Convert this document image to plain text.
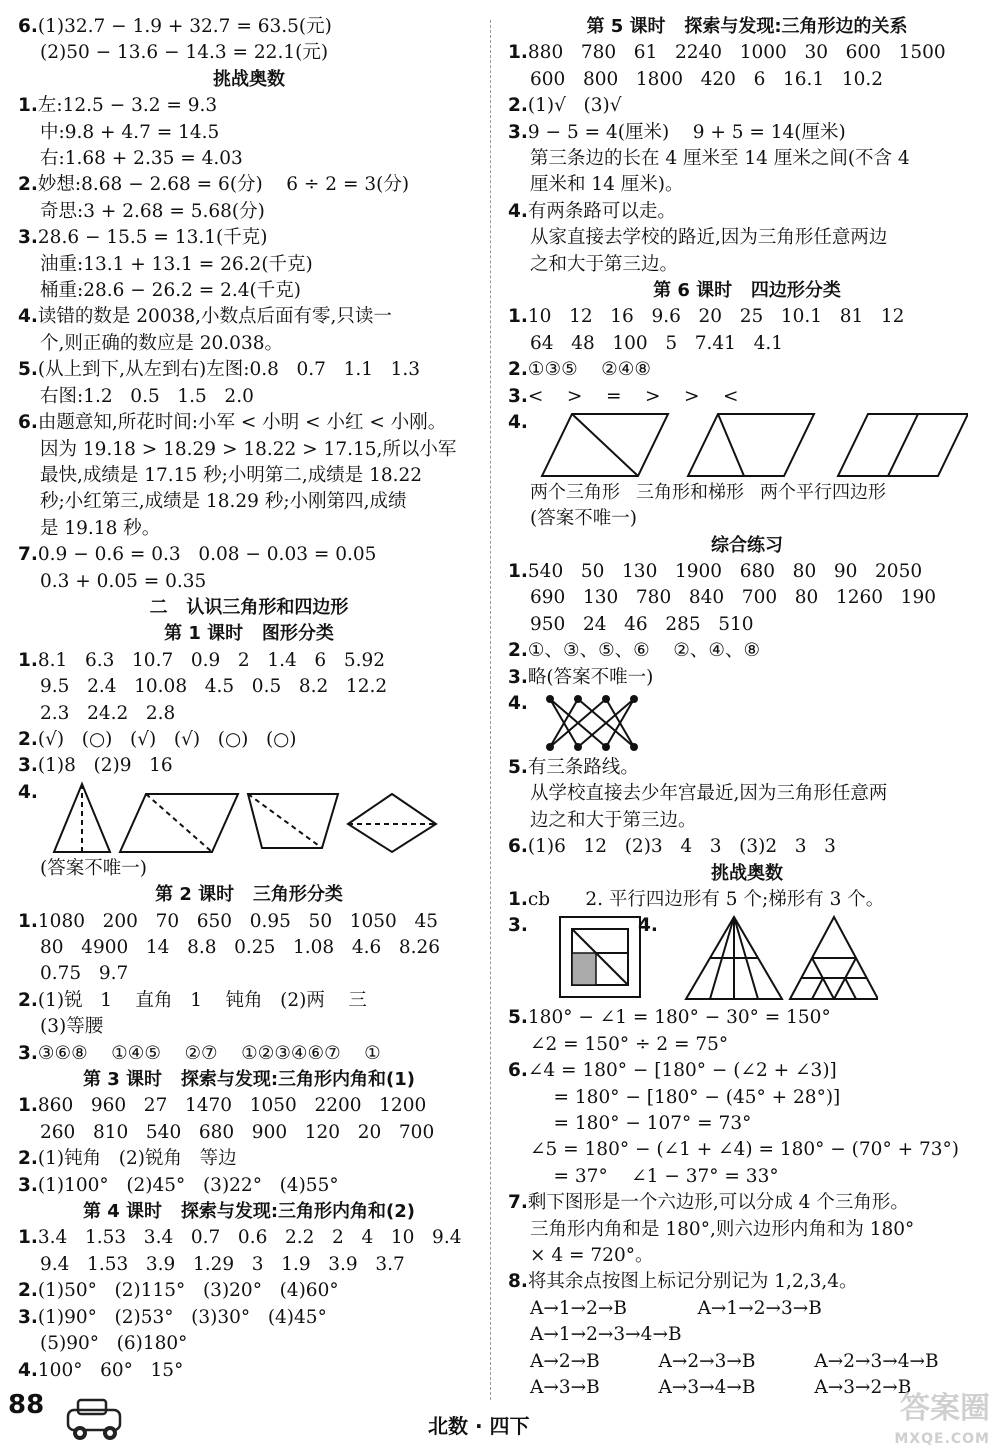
6.(1)32.7 − 1.9 + 32.7 = 63.5(元)
(2)50 − 13.6 − 14.3 = 22.1(元)
挑战奥数
1.左:12.5 − 3.2 = 9.3
中:9.8 + 4.7 = 14.5
右:1.68 + 2.35 = 4.03
2.妙想:8.68 − 2.68 = 6(分)    6 ÷ 2 = 3(分)
奇思:3 + 2.68 = 5.68(分)
3.28.6 − 15.5 = 13.1(千克)
油重:13.1 + 13.1 = 26.2(千克)
桶重:28.6 − 26.2 = 2.4(千克)
4.读错的数是 20038,小数点后面有零,只读一
个,则正确的数应是 20.038。
5.(从上到下,从左到右)左图:0.8   0.7   1.1   1.3
右图:1.2   0.5   1.5   2.0
6.由题意知,所花时间:小军 < 小明 < 小红 < 小刚。
因为 19.18 > 18.29 > 18.22 > 17.15,所以小军
最快,成绩是 17.15 秒;小明第二,成绩是 18.22
秒;小红第三,成绩是 18.29 秒;小刚第四,成绩
是 19.18 秒。
7.0.9 − 0.6 = 0.3   0.08 − 0.03 = 0.05
0.3 + 0.05 = 0.35
二   认识三角形和四边形
第 1 课时   图形分类
1.8.1   6.3   10.7   0.9   2   1.4   6   5.92
9.5   2.4   10.08   4.5   0.5   8.2   12.2
2.3   24.2   2.8
2.(√)   (○)   (√)   (√)   (○)   (○)
3.(1)8   (2)9   16
4.
(答案不唯一)
第 2 课时   三角形分类
1.1080   200   70   650   0.95   50   1050   45
80   4900   14   8.8   0.25   1.08   4.6   8.26
0.75   9.7
2.(1)锐   1    直角   1    钝角   (2)两    三
(3)等腰
3.③⑥⑧    ①④⑤    ②⑦    ①②③④⑥⑦    ①
第 3 课时   探索与发现:三角形内角和(1)
1.860   960   27   1470   1050   2200   1200
260   810   540   680   900   120   20   700
2.(1)钝角   (2)锐角   等边
3.(1)100°   (2)45°   (3)22°   (4)55°
第 4 课时   探索与发现:三角形内角和(2)
1.3.4   1.53   3.4   0.7   0.6   2.2   2   4   10   9.4
9.4   1.53   3.9   1.29   3   1.9   3.9   3.7
2.(1)50°   (2)115°   (3)20°   (4)60°
3.(1)90°   (2)53°   (3)30°   (4)45°
(5)90°   (6)180°
4.100°   60°   15°
第 5 课时   探索与发现:三角形边的关系
1.880   780   61   2240   1000   30   600   1500
600   800   1800   420   6   16.1   10.2
2.(1)√   (3)√
3.9 − 5 = 4(厘米)    9 + 5 = 14(厘米)
第三条边的长在 4 厘米至 14 厘米之间(不含 4
厘米和 14 厘米)。
4.有两条路可以走。
从家直接去学校的路近,因为三角形任意两边
之和大于第三边。
第 6 课时   四边形分类
1.10   12   16   9.6   20   25   10.1   81   12
64   48   100   5   7.41   4.1
2.①③⑤    ②④⑧
3.<    >    =    >    >    <
4.
两个三角形 三角形和梯形 两个平行四边形
(答案不唯一)
综合练习
1.540   50   130   1900   680   80   90   2050
690   130   780   840   700   80   1260   190
950   24   46   285   510
2.①、③、⑤、⑥    ②、④、⑧
3.略(答案不唯一)
4.
5.有三条路线。
从学校直接去少年宫最近,因为三角形任意两
边之和大于第三边。
6.(1)6   12   (2)3   4   3   (3)2   3   3
挑战奥数
1.cb      2. 平行四边形有 5 个;梯形有 3 个。
3.	4.
5.180° − ∠1 = 180° − 30° = 150°
∠2 = 150° ÷ 2 = 75°
6.∠4 = 180° − [180° − (∠2 + ∠3)]
= 180° − [180° − (45° + 28°)]
= 180° − 107° = 73°
∠5 = 180° − (∠1 + ∠4) = 180° − (70° + 73°)
= 37°    ∠1 − 37° = 33°
7.剩下图形是一个六边形,可以分成 4 个三角形。
三角形内角和是 180°,则六边形内角和为 180°
× 4 = 720°。
8.将其余点按图上标记分别记为 1,2,3,4。
A→1→2→B            A→1→2→3→B
A→1→2→3→4→B
A→2→B          A→2→3→B          A→2→3→4→B
A→3→B          A→3→4→B          A→3→2→B
88
北数 · 四下	答案圈
MXQE.COM
